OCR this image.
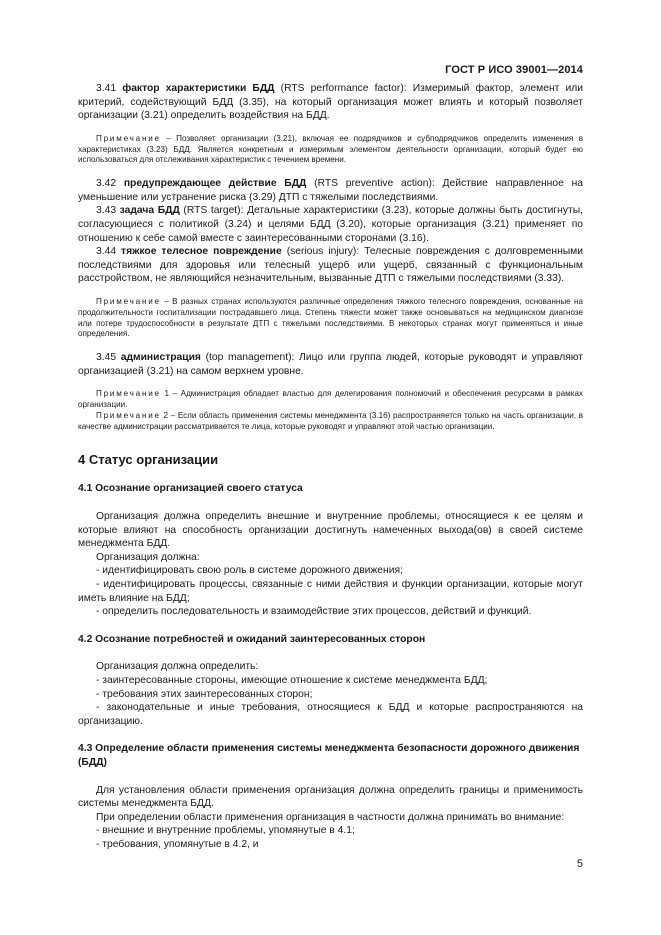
ГОСТ Р ИСО 39001—2014

3.41 фактор характеристики БДД (RTS performance factor): Измеримый фактор, элемент или критерий, содействующий БДД (3.35), на который организация может влиять и который позволяет организации (3.21) определить воздействия на БДД.

Примечание – Позволяет организации (3.21), включая ее подрядчиков и субподрядчиков определить изменения в характеристиках (3.23) БДД. Является конкретным и измеримым элементом деятельности организации, который будет ею использоваться для отслеживания характеристик с течением времени.

3.42 предупреждающее действие БДД (RTS preventive action): Действие направленное на уменьшение или устранение риска (3.29) ДТП с тяжелыми последствиями.

3.43 задача БДД (RTS target): Детальные характеристики (3.23), которые должны быть достигнуты, согласующиеся с политикой (3.24) и целями БДД (3.20), которые организация (3.21) применяет по отношению к себе самой вместе с заинтересованными сторонами (3.16).

3.44 тяжкое телесное повреждение (serious injury): Телесные повреждения с долговременными последствиями для здоровья или телесный ущерб или ущерб, связанный с функциональным расстройством, не являющийся незначительным, вызванные ДТП с тяжелыми последствиями (3.33).

Примечание – В разных странах используются различные определения тяжкого телесного повреждения, основанные на продолжительности госпитализации пострадавшего лица. Степень тяжести может также основываться на медицинском диагнозе или потере трудоспособности в результате ДТП с тяжелыми последствиями. В некоторых странах могут применяться и иные определения.

3.45 администрация (top management): Лицо или группа людей, которые руководят и управляют организацией (3.21) на самом верхнем уровне.

Примечание 1 – Администрация обладает властью для делегирования полномочий и обеспечения ресурсами в рамках организации.

Примечание 2 – Если область применения системы менеджмента (3.16) распространяется только на часть организации, в качестве администрации рассматривается те лица, которые руководят и управляют этой частью организации.

4 Статус организации
4.1 Осознание организацией своего статуса

Организация должна определить внешние и внутренние проблемы, относящиеся к ее целям и которые влияют на способность организации достигнуть намеченных выхода(ов) в своей системе менеджмента БДД.

Организация должна:

- идентифицировать свою роль в системе дорожного движения;

- идентифицировать процессы, связанные с ними действия и функции организации, которые могут иметь влияние на БДД;

- определить последовательность и взаимодействие этих процессов, действий и функций.

4.2 Осознание потребностей и ожиданий заинтересованных сторон

Организация должна определить:

- заинтересованные стороны, имеющие отношение к системе менеджмента БДД;

- требования этих заинтересованных сторон;

- законодательные и иные требования, относящиеся к БДД и которые распространяются на организацию.

4.3 Определение области применения системы менеджмента безопасности дорожного движения (БДД)

Для установления области применения организация должна определить границы и применимость системы менеджмента БДД.

При определении области применения организация в частности должна принимать во внимание:

- внешние и внутренние проблемы, упомянутые в 4.1;

- требования, упомянутые в 4.2, и

5
